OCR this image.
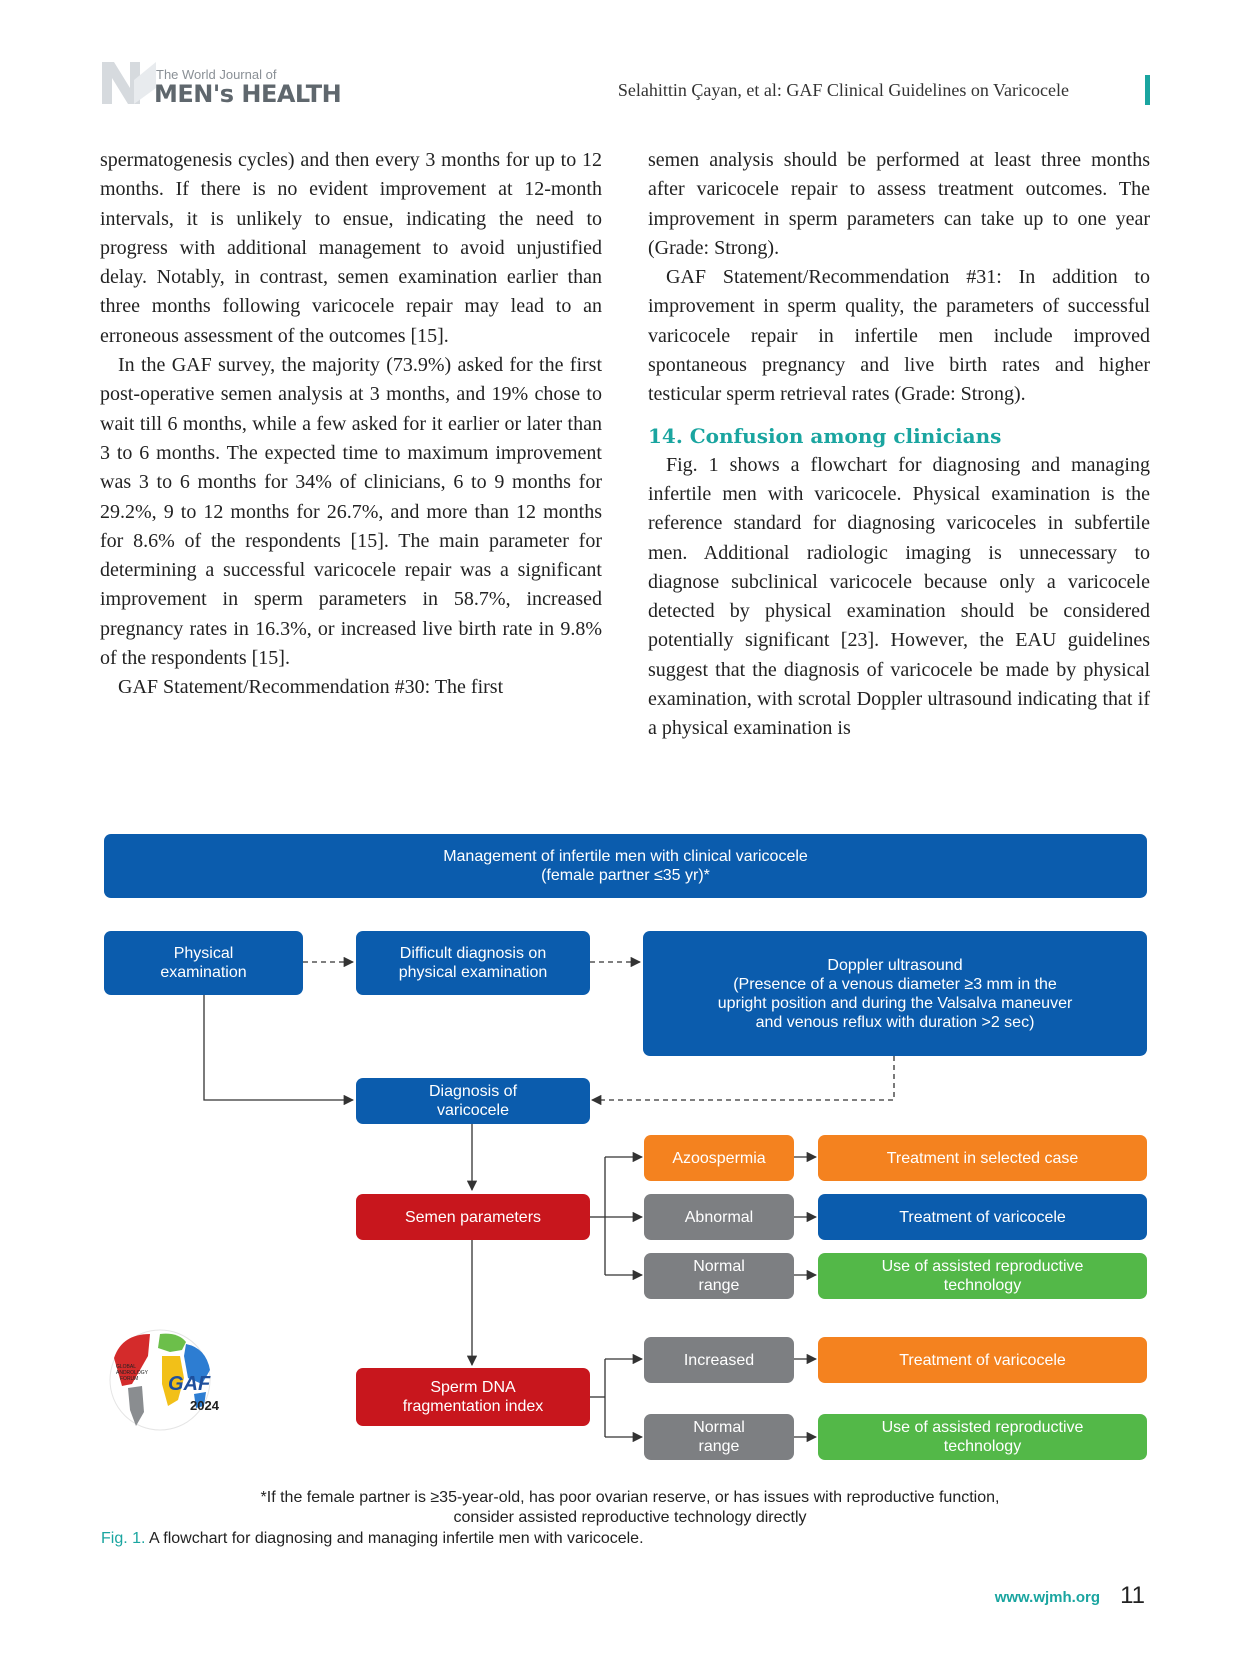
The World Journal of
MEN's HEALTH	Selahittin Çayan, et al: GAF Clinical Guidelines on Varicocele

spermatogenesis cycles) and then every 3 months for up to 12 months. If there is no evident improvement at 12-month intervals, it is unlikely to ensue, indicating the need to progress with additional management to avoid unjustified delay. Notably, in contrast, semen examination earlier than three months following varicocele repair may lead to an erroneous assessment of the outcomes [15].

In the GAF survey, the majority (73.9%) asked for the first post-operative semen analysis at 3 months, and 19% chose to wait till 6 months, while a few asked for it earlier or later than 3 to 6 months. The expected time to maximum improvement was 3 to 6 months for 34% of clinicians, 6 to 9 months for 29.2%, 9 to 12 months for 26.7%, and more than 12 months for 8.6% of the respondents [15]. The main parameter for determining a successful varicocele repair was a significant improvement in sperm parameters in 58.7%, increased pregnancy rates in 16.3%, or increased live birth rate in 9.8% of the respondents [15].

GAF Statement/Recommendation #30: The first

semen analysis should be performed at least three months after varicocele repair to assess treatment outcomes. The improvement in sperm parameters can take up to one year (Grade: Strong).

GAF Statement/Recommendation #31: In addition to improvement in sperm quality, the parameters of successful varicocele repair in infertile men include improved spontaneous pregnancy and live birth rates and higher testicular sperm retrieval rates (Grade: Strong).

14. Confusion among clinicians

Fig. 1 shows a flowchart for diagnosing and managing infertile men with varicocele. Physical examination is the reference standard for diagnosing varicoceles in subfertile men. Additional radiologic imaging is unnecessary to diagnose subclinical varicocele because only a varicocele detected by physical examination should be considered potentially significant [23]. However, the EAU guidelines suggest that the diagnosis of varicocele be made by physical examination, with scrotal Doppler ultrasound indicating that if a physical examination is

Management of infertile men with clinical varicocele
(female partner ≤35 yr)*
Physical
examination
Difficult diagnosis on
physical examination	Doppler ultrasound
(Presence of a venous diameter ≥3 mm in the
upright position and during the Valsalva maneuver
and venous reflux with duration >2 sec)
Diagnosis of
varicocele
Semen parameters
Azoospermia
Abnormal
Normal
range
Treatment in selected case
Treatment of varicocele
Use of assisted reproductive
technology
Sperm DNA
fragmentation index
Increased
Normal
range
Treatment of varicocele
Use of assisted reproductive
technology
GLOBAL
ANDROLOGY
FORUM GAF
2024
*If the female partner is ≥35-year-old, has poor ovarian reserve, or has issues with reproductive function,
consider assisted reproductive technology directly
Fig. 1. A flowchart for diagnosing and managing infertile men with varicocele.
www.wjmh.org 11
